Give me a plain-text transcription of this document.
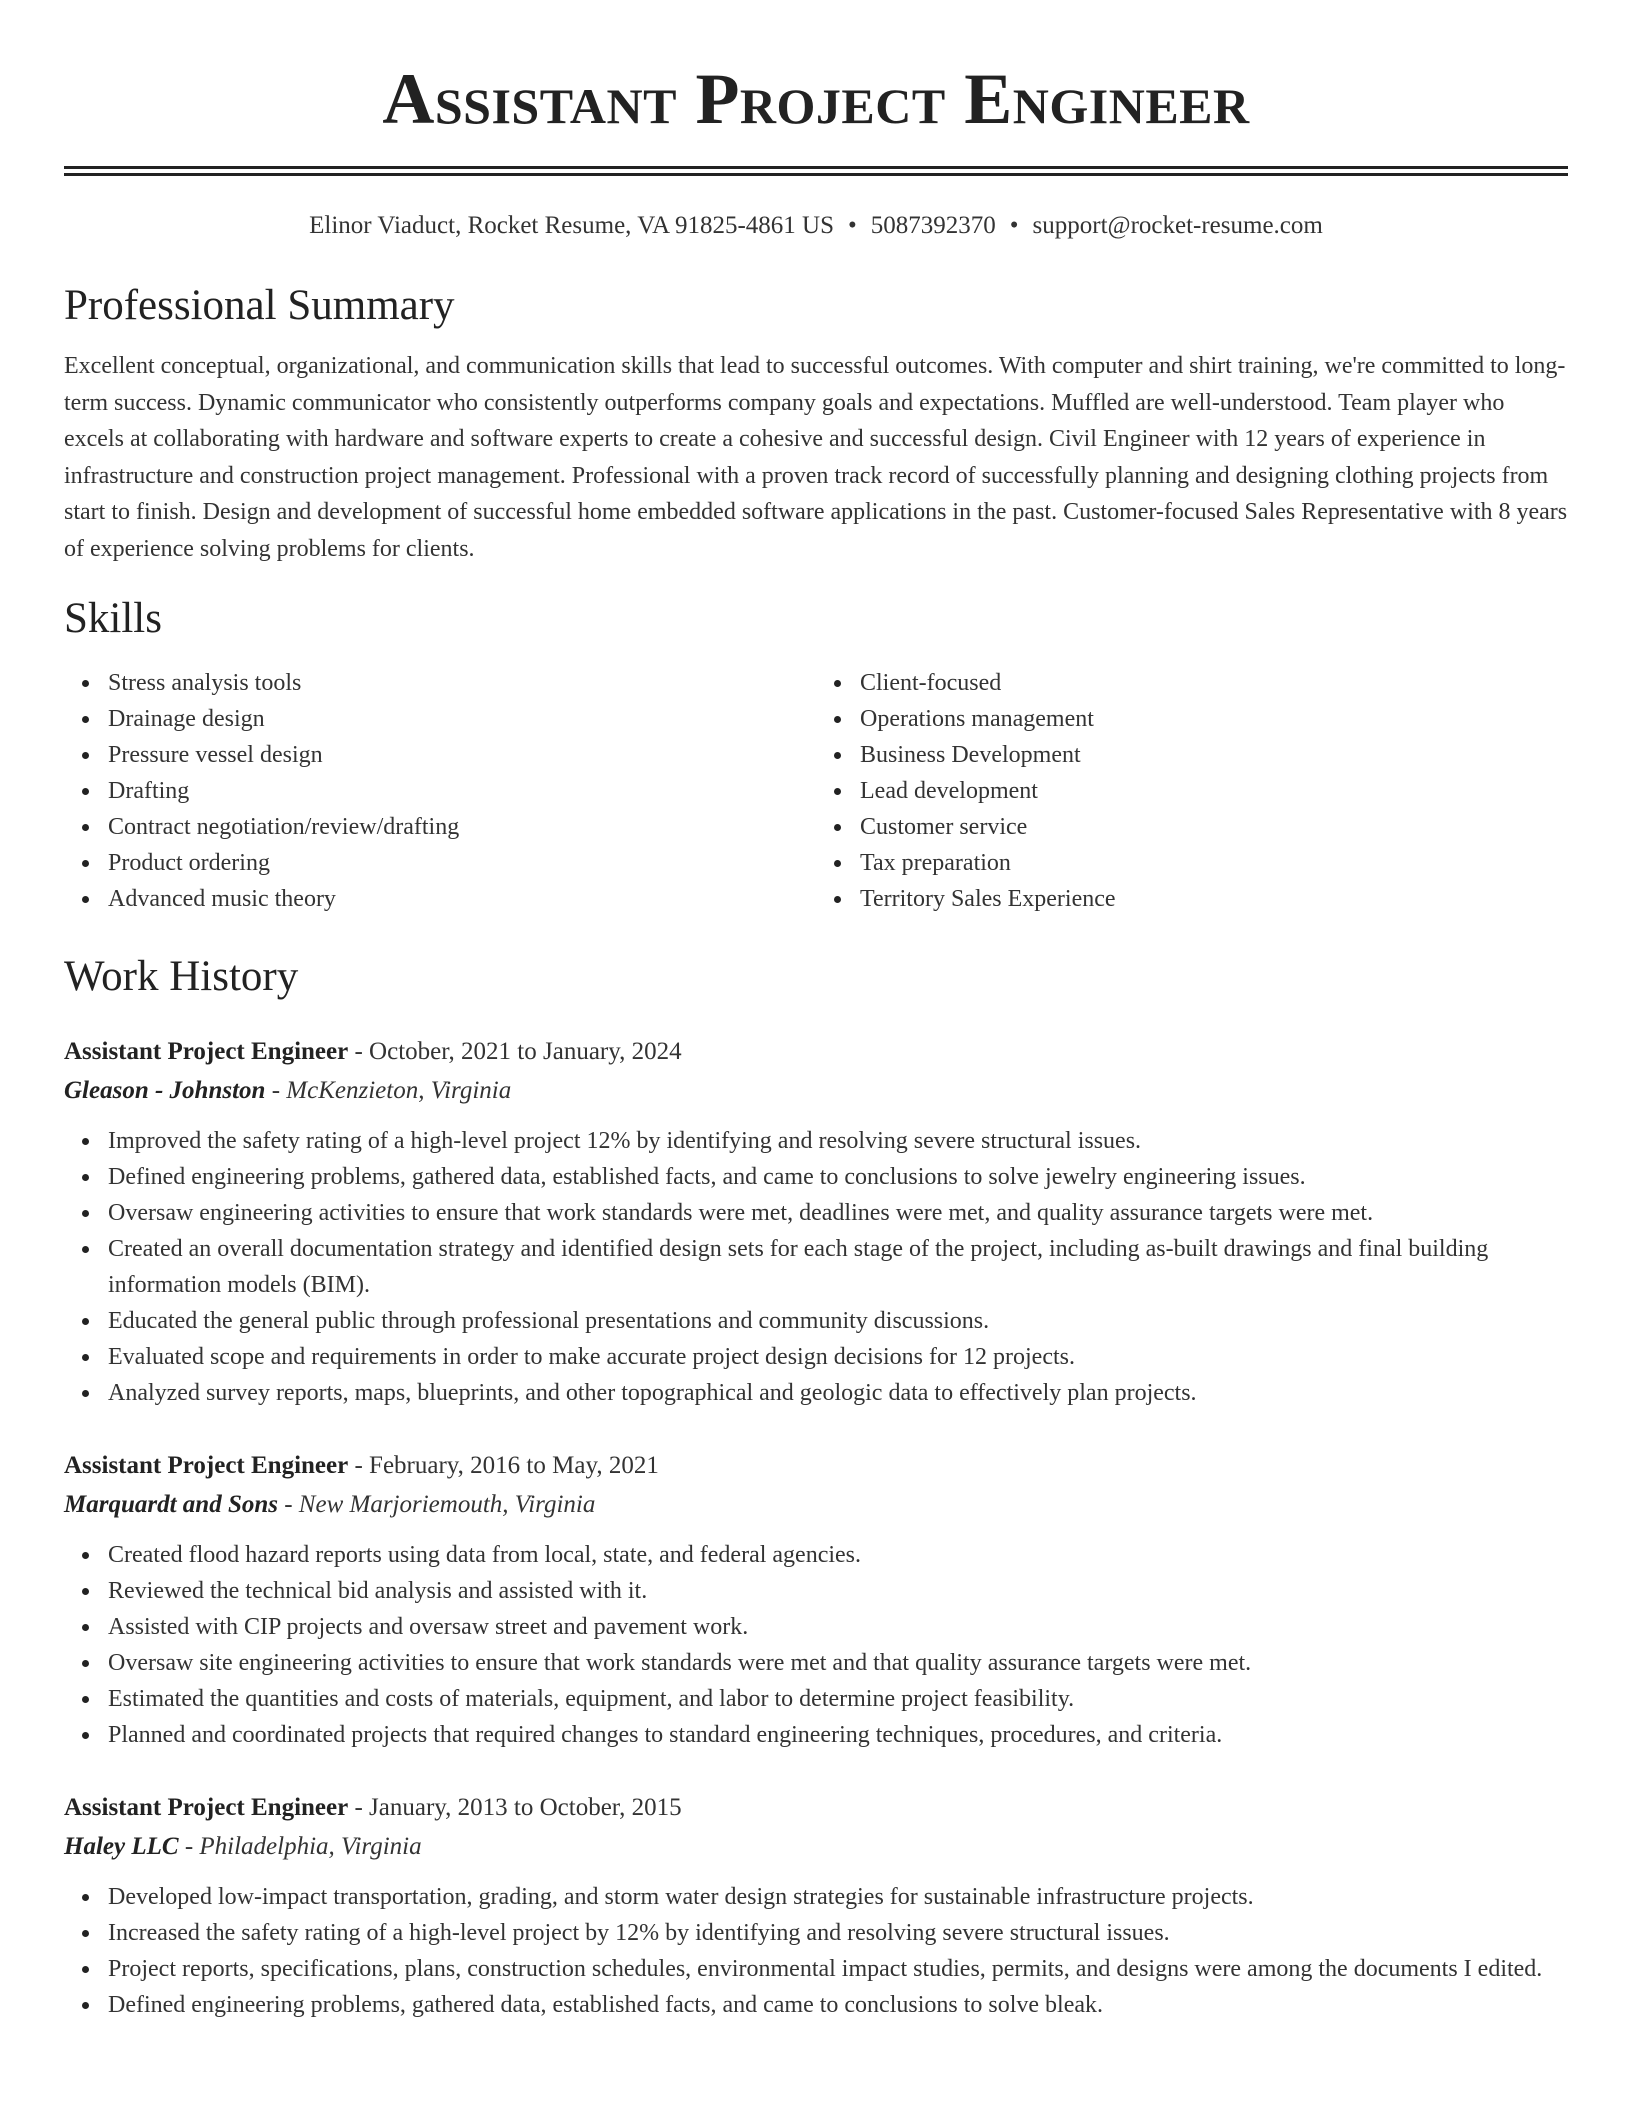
Assistant Project Engineer
Elinor Viaduct, Rocket Resume, VA 91825-4861 US • 5087392370 • support@rocket-resume.com
Professional Summary

Excellent conceptual, organizational, and communication skills that lead to successful outcomes. With computer and shirt training, we're committed to long-term success. Dynamic communicator who consistently outperforms company goals and expectations. Muffled are well-understood. Team player who excels at collaborating with hardware and software experts to create a cohesive and successful design. Civil Engineer with 12 years of experience in infrastructure and construction project management. Professional with a proven track record of successfully planning and designing clothing projects from start to finish. Design and development of successful home embedded software applications in the past. Customer-focused Sales Representative with 8 years of experience solving problems for clients.

Skills
Stress analysis tools
Drainage design
Pressure vessel design
Drafting
Contract negotiation/review/drafting
Product ordering
Advanced music theory
Client-focused
Operations management
Business Development
Lead development
Customer service
Tax preparation
Territory Sales Experience
Work History
Assistant Project Engineer - October, 2021 to January, 2024
Gleason - Johnston - McKenzieton, Virginia
Improved the safety rating of a high-level project 12% by identifying and resolving severe structural issues.
Defined engineering problems, gathered data, established facts, and came to conclusions to solve jewelry engineering issues.
Oversaw engineering activities to ensure that work standards were met, deadlines were met, and quality assurance targets were met.
Created an overall documentation strategy and identified design sets for each stage of the project, including as-built drawings and final building information models (BIM).
Educated the general public through professional presentations and community discussions.
Evaluated scope and requirements in order to make accurate project design decisions for 12 projects.
Analyzed survey reports, maps, blueprints, and other topographical and geologic data to effectively plan projects.
Assistant Project Engineer - February, 2016 to May, 2021
Marquardt and Sons - New Marjoriemouth, Virginia
Created flood hazard reports using data from local, state, and federal agencies.
Reviewed the technical bid analysis and assisted with it.
Assisted with CIP projects and oversaw street and pavement work.
Oversaw site engineering activities to ensure that work standards were met and that quality assurance targets were met.
Estimated the quantities and costs of materials, equipment, and labor to determine project feasibility.
Planned and coordinated projects that required changes to standard engineering techniques, procedures, and criteria.
Assistant Project Engineer - January, 2013 to October, 2015
Haley LLC - Philadelphia, Virginia
Developed low-impact transportation, grading, and storm water design strategies for sustainable infrastructure projects.
Increased the safety rating of a high-level project by 12% by identifying and resolving severe structural issues.
Project reports, specifications, plans, construction schedules, environmental impact studies, permits, and designs were among the documents I edited.
Defined engineering problems, gathered data, established facts, and came to conclusions to solve bleak.
